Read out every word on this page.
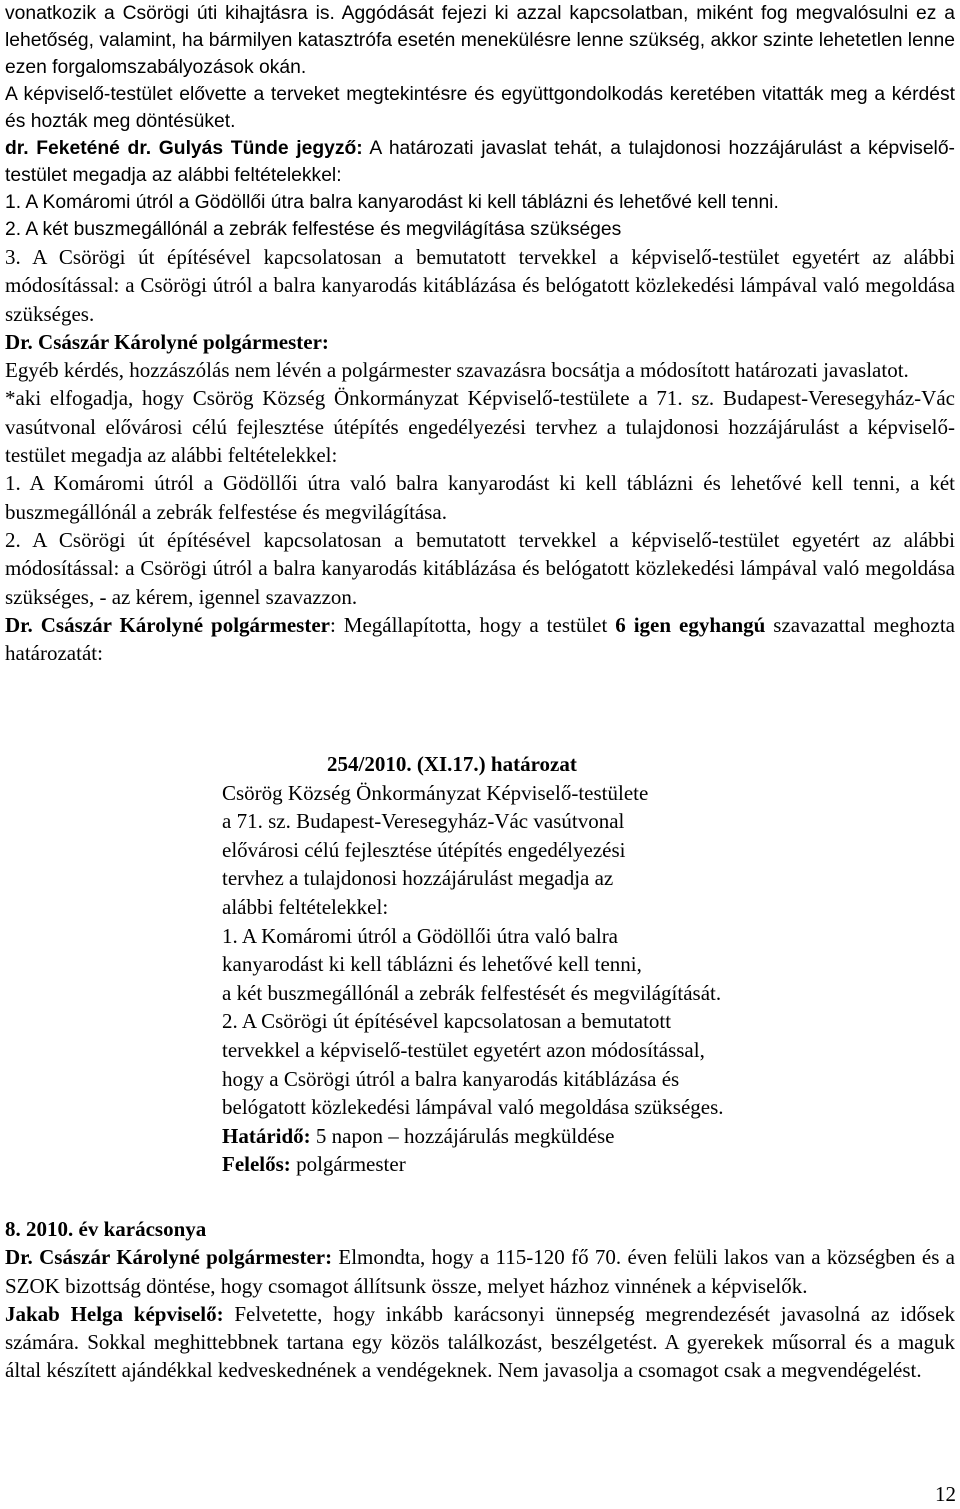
vonatkozik a Csörögi úti kihajtásra is. Aggódását fejezi ki azzal kapcsolatban, miként fog megvalósulni ez a lehetőség, valamint, ha bármilyen katasztrófa esetén menekülésre lenne szükség, akkor szinte lehetetlen lenne ezen forgalomszabályozások okán.

A képviselő-testület elővette a terveket megtekintésre és együttgondolkodás keretében vitatták meg a kérdést és hozták meg döntésüket.

dr. Feketéné dr. Gulyás Tünde jegyző: A határozati javaslat tehát, a tulajdonosi hozzájárulást a képviselő-testület megadja az alábbi feltételekkel:

1. A Komáromi útról a Gödöllői útra balra kanyarodást ki kell táblázni és lehetővé kell tenni.

2. A két buszmegállónál a zebrák felfestése és megvilágítása szükséges

3. A Csörögi út építésével kapcsolatosan a bemutatott tervekkel a képviselő-testület egyetért az alábbi módosítással: a Csörögi útról a balra kanyarodás kitáblázása és belógatott közlekedési lámpával való megoldása szükséges.

Dr. Császár Károlyné polgármester:

Egyéb kérdés, hozzászólás nem lévén a polgármester szavazásra bocsátja a módosított határozati javaslatot.

*aki elfogadja, hogy Csörög Község Önkormányzat Képviselő-testülete a 71. sz. Budapest-Veresegyház-Vác vasútvonal elővárosi célú fejlesztése útépítés engedélyezési tervhez a tulajdonosi hozzájárulást a képviselő-testület megadja az alábbi feltételekkel:

1. A Komáromi útról a Gödöllői útra való balra kanyarodást ki kell táblázni és lehetővé kell tenni, a két buszmegállónál a zebrák felfestése és megvilágítása.

2. A Csörögi út építésével kapcsolatosan a bemutatott tervekkel a képviselő-testület egyetért az alábbi módosítással: a Csörögi útról a balra kanyarodás kitáblázása és belógatott közlekedési lámpával való megoldása szükséges, - az kérem, igennel szavazzon.

Dr. Császár Károlyné polgármester: Megállapította, hogy a testület 6 igen egyhangú szavazattal meghozta határozatát:

254/2010. (XI.17.) határozat

Csörög Község Önkormányzat Képviselő-testülete

a 71. sz. Budapest-Veresegyház-Vác vasútvonal

elővárosi célú fejlesztése útépítés engedélyezési

tervhez a tulajdonosi hozzájárulást megadja az

alábbi feltételekkel:

1. A Komáromi útról a Gödöllői útra való balra

kanyarodást ki kell táblázni és lehetővé kell tenni,

a két buszmegállónál a zebrák felfestését és megvilágítását.

2. A Csörögi út építésével kapcsolatosan a bemutatott

tervekkel a képviselő-testület egyetért azon módosítással,

hogy a Csörögi útról a balra kanyarodás kitáblázása és

belógatott közlekedési lámpával való megoldása szükséges.

Határidő: 5 napon – hozzájárulás megküldése

Felelős: polgármester

8. 2010. év karácsonya

Dr. Császár Károlyné polgármester: Elmondta, hogy a 115-120 fő 70. éven felüli lakos van a községben és a SZOK bizottság döntése, hogy csomagot állítsunk össze, melyet házhoz vinnének a képviselők.

Jakab Helga képviselő: Felvetette, hogy inkább karácsonyi ünnepség megrendezését javasolná az idősek számára. Sokkal meghittebbnek tartana egy közös találkozást, beszélgetést. A gyerekek műsorral és a maguk által készített ajándékkal kedveskednének a vendégeknek. Nem javasolja a csomagot csak a megvendégelést.

12
